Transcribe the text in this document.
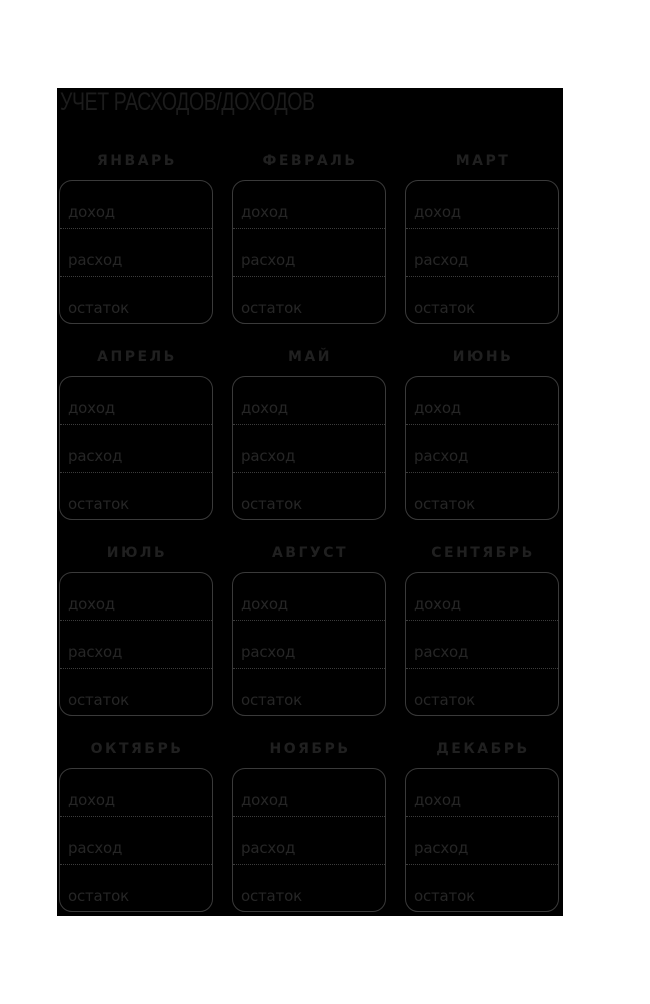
УЧЕТ РАСХОДОВ/ДОХОДОВ
ЯНВАРЬ
доход
расход
остаток
ФЕВРАЛЬ
доход
расход
остаток
МАРТ
доход
расход
остаток
АПРЕЛЬ
доход
расход
остаток
МАЙ
доход
расход
остаток
ИЮНЬ
доход
расход
остаток
ИЮЛЬ
доход
расход
остаток
АВГУСТ
доход
расход
остаток
СЕНТЯБРЬ
доход
расход
остаток
ОКТЯБРЬ
доход
расход
остаток
НОЯБРЬ
доход
расход
остаток
ДЕКАБРЬ
доход
расход
остаток
